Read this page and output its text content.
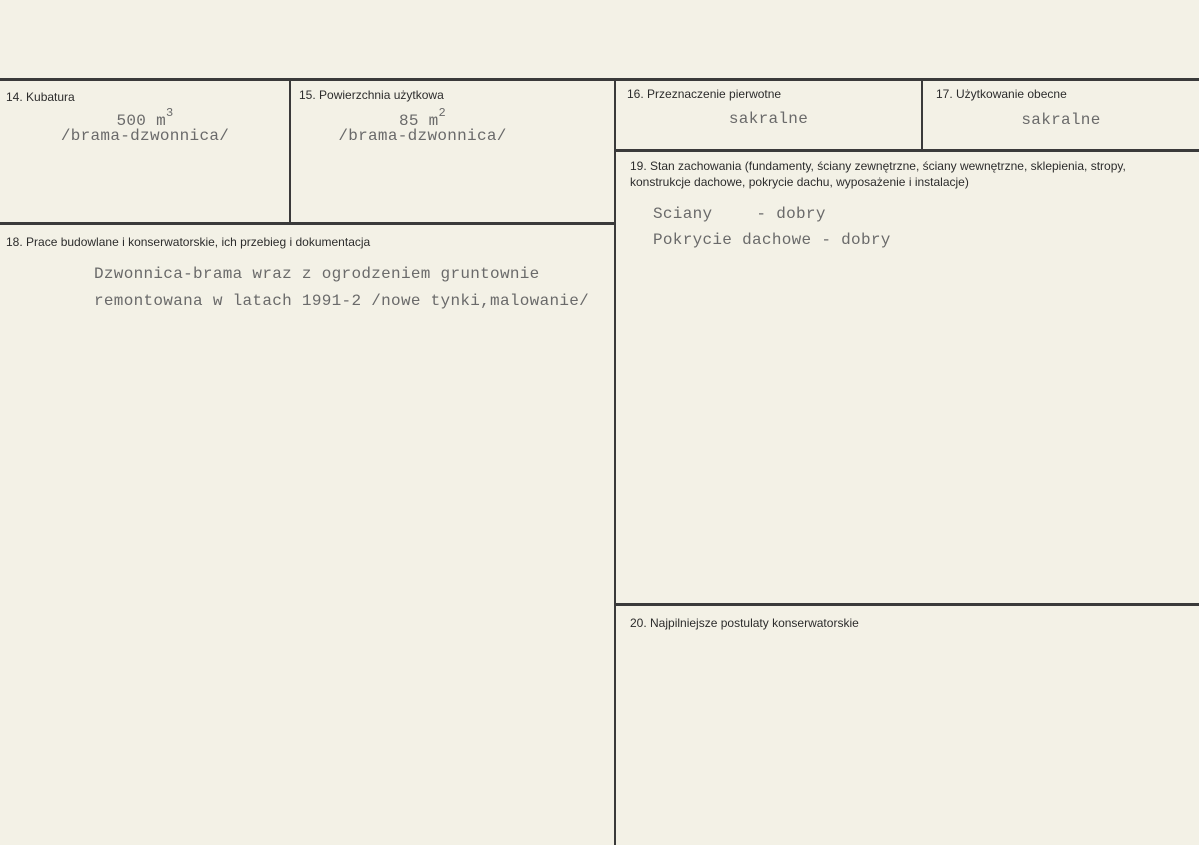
14. Kubatura
500 $m^3$
/brama-dzwonnica/
15. Powierzchnia użytkowa
85 $m^2$
/brama-dzwonnica/
16. Przeznaczenie pierwotne
sakralne
17. Użytkowanie obecne
sakralne
18. Prace budowlane i konserwatorskie, ich przebieg i dokumentacja
Dzwonnica-brama wraz z ogrodzeniem gruntownie
remontowana w latach 1991-2 /nowe tynki,malowanie/
19. Stan zachowania (fundamenty, ściany zewnętrzne, ściany wewnętrzne, sklepienia, stropy, konstrukcje dachowe, pokrycie dachu, wyposażenie i instalacje)
Sciany	- dobry
Pokrycie dachowe - dobry
20. Najpilniejsze postulaty konserwatorskie
